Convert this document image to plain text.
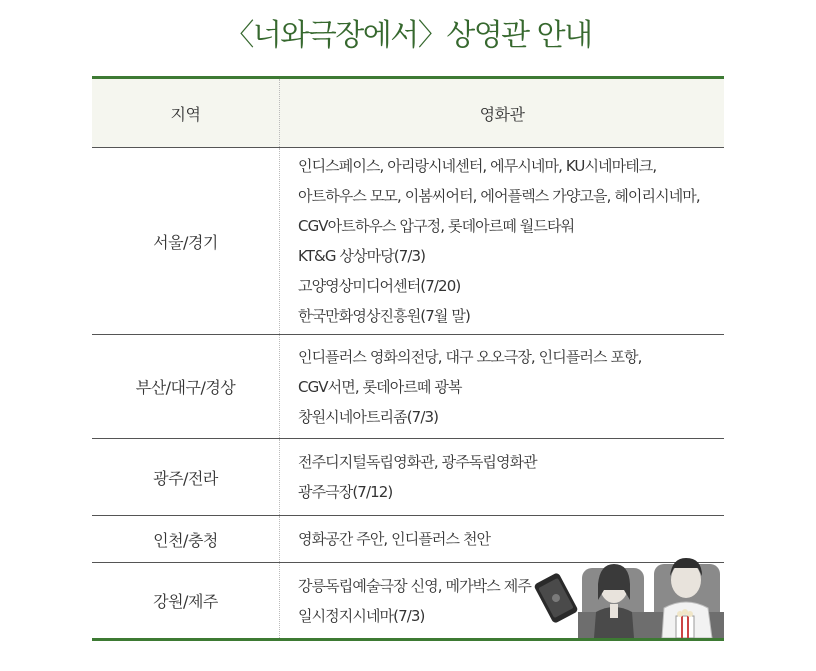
〈너와극장에서〉상영관 안내
지역	영화관
서울/경기
인디스페이스, 아리랑시네센터, 에무시네마, KU시네마테크,
아트하우스 모모, 이봄씨어터, 에어플렉스 가양고을, 헤이리시네마,
CGV아트하우스 압구정, 롯데아르떼 월드타워
KT&G 상상마당(7/3)
고양영상미디어센터(7/20)
한국만화영상진흥원(7월 말)
부산/대구/경상
인디플러스 영화의전당, 대구 오오극장, 인디플러스 포항,
CGV서면, 롯데아르떼 광복
창원시네아트리좀(7/3)
광주/전라
전주디지털독립영화관, 광주독립영화관
광주극장(7/12)
인천/충청	영화공간 주안, 인디플러스 천안
강원/제주
강릉독립예술극장 신영, 메가박스 제주
일시정지시네마(7/3)
